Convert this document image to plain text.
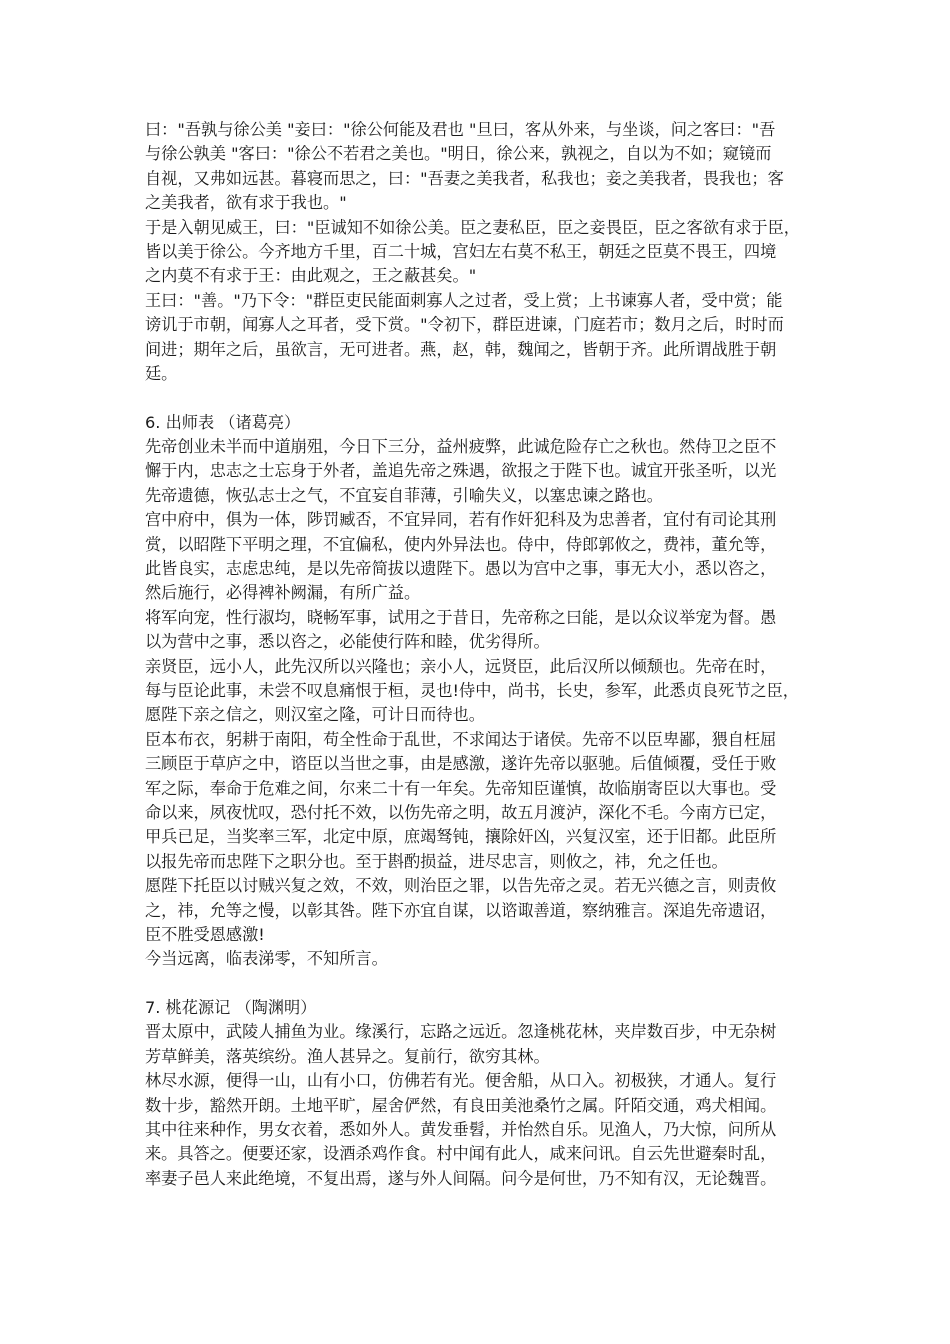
曰："吾孰与徐公美 "妾曰："徐公何能及君也 "旦曰，客从外来，与坐谈，问之客曰："吾
与徐公孰美 "客曰："徐公不若君之美也。"明日，徐公来，孰视之，自以为不如；窥镜而
自视，又弗如远甚。暮寝而思之，曰："吾妻之美我者，私我也；妾之美我者，畏我也；客
之美我者，欲有求于我也。"
于是入朝见威王，曰："臣诚知不如徐公美。臣之妻私臣，臣之妾畏臣，臣之客欲有求于臣，
皆以美于徐公。今齐地方千里，百二十城，宫妇左右莫不私王，朝廷之臣莫不畏王，四境
之内莫不有求于王：由此观之，王之蔽甚矣。"
王曰："善。"乃下令："群臣吏民能面刺寡人之过者，受上赏；上书谏寡人者，受中赏；能
谤讥于市朝，闻寡人之耳者，受下赏。"令初下，群臣进谏，门庭若市；数月之后，时时而
间进；期年之后，虽欲言，无可进者。燕，赵，韩，魏闻之，皆朝于齐。此所谓战胜于朝
廷。
6. 出师表 （诸葛亮）
先帝创业未半而中道崩殂，今日下三分，益州疲弊，此诚危险存亡之秋也。然侍卫之臣不
懈于内，忠志之士忘身于外者，盖追先帝之殊遇，欲报之于陛下也。诚宜开张圣听，以光
先帝遗德，恢弘志士之气，不宜妄自菲薄，引喻失义，以塞忠谏之路也。
宫中府中，俱为一体，陟罚臧否，不宜异同，若有作奸犯科及为忠善者，宜付有司论其刑
赏，以昭陛下平明之理，不宜偏私，使内外异法也。侍中，侍郎郭攸之，费祎，董允等，
此皆良实，志虑忠纯，是以先帝简拔以遗陛下。愚以为宫中之事，事无大小，悉以咨之，
然后施行，必得裨补阙漏，有所广益。
将军向宠，性行淑均，晓畅军事，试用之于昔日，先帝称之曰能，是以众议举宠为督。愚
以为营中之事，悉以咨之，必能使行阵和睦，优劣得所。
亲贤臣，远小人，此先汉所以兴隆也；亲小人，远贤臣，此后汉所以倾颓也。先帝在时，
每与臣论此事，未尝不叹息痛恨于桓，灵也!侍中，尚书，长史，参军，此悉贞良死节之臣，
愿陛下亲之信之，则汉室之隆，可计日而待也。
臣本布衣，躬耕于南阳，苟全性命于乱世，不求闻达于诸侯。先帝不以臣卑鄙，猥自枉屈
三顾臣于草庐之中，谘臣以当世之事，由是感激，遂许先帝以驱驰。后值倾覆，受任于败
军之际，奉命于危难之间，尔来二十有一年矣。先帝知臣谨慎，故临崩寄臣以大事也。受
命以来，夙夜忧叹，恐付托不效，以伤先帝之明，故五月渡泸，深化不毛。今南方已定，
甲兵已足，当奖率三军，北定中原，庶竭驽钝，攘除奸凶，兴复汉室，还于旧都。此臣所
以报先帝而忠陛下之职分也。至于斟酌损益，进尽忠言，则攸之，祎，允之任也。
愿陛下托臣以讨贼兴复之效，不效，则治臣之罪，以告先帝之灵。若无兴德之言，则责攸
之，祎，允等之慢，以彰其咎。陛下亦宜自谋，以谘诹善道，察纳雅言。深追先帝遗诏，
臣不胜受恩感激!
今当远离，临表涕零，不知所言。
7. 桃花源记 （陶渊明）
晋太原中，武陵人捕鱼为业。缘溪行，忘路之远近。忽逢桃花林，夹岸数百步，中无杂树
芳草鲜美，落英缤纷。渔人甚异之。复前行，欲穷其林。
林尽水源，便得一山，山有小口，仿佛若有光。便舍船，从口入。初极狭，才通人。复行
数十步，豁然开朗。土地平旷，屋舍俨然，有良田美池桑竹之属。阡陌交通，鸡犬相闻。
其中往来种作，男女衣着，悉如外人。黄发垂髫，并怡然自乐。见渔人，乃大惊，问所从
来。具答之。便要还家，设酒杀鸡作食。村中闻有此人，咸来问讯。自云先世避秦时乱，
率妻子邑人来此绝境，不复出焉，遂与外人间隔。问今是何世，乃不知有汉，无论魏晋。
